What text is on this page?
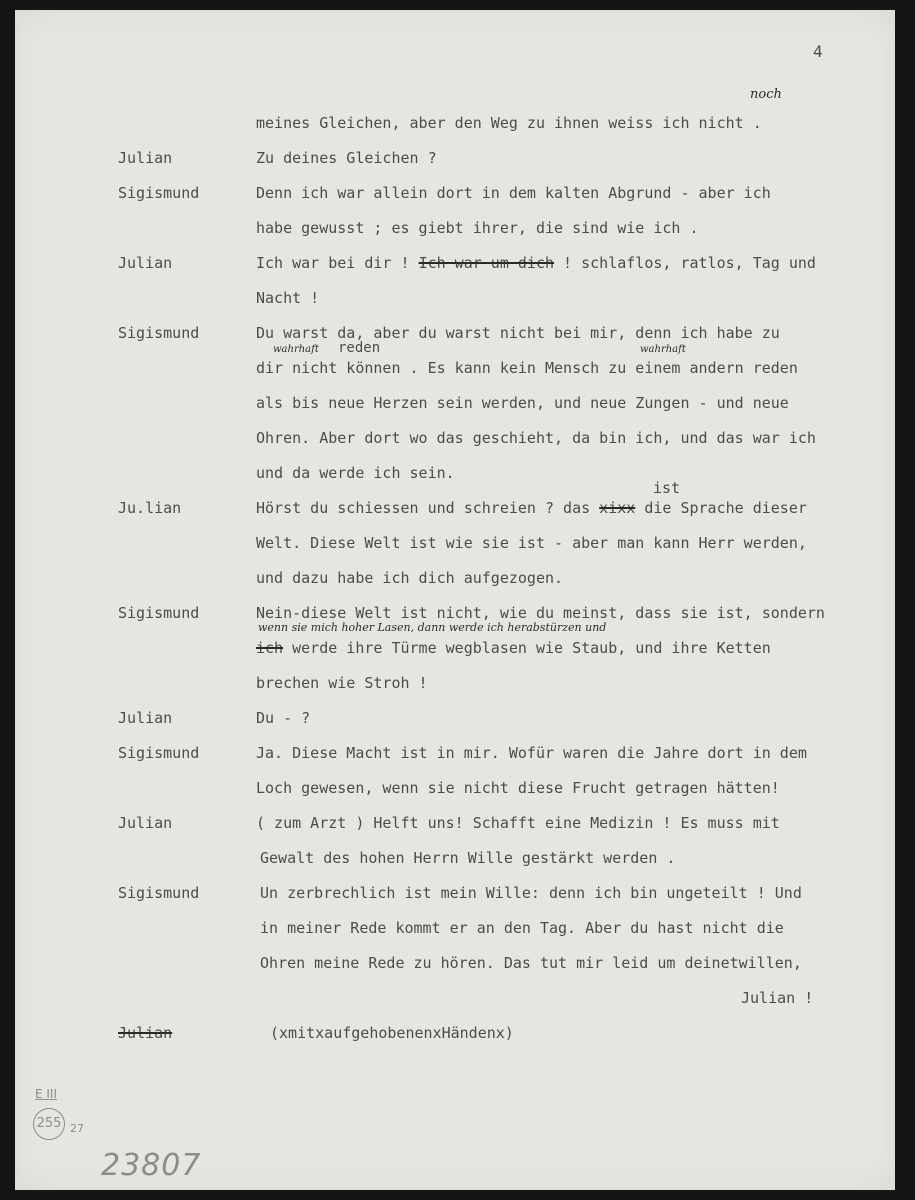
4

noch

meines Gleichen, aber den Weg zu ihnen weiss ich nicht .

Julian	Zu deines Gleichen ?

Sigismund	Denn ich war allein dort in dem kalten Abgrund - aber ich

habe gewusst ; es giebt ihrer, die sind wie ich .

Julian	Ich war bei dir ! Ich war um dich ! schlaflos, ratlos, Tag und

Nacht !

Sigismund	Du warst da, aber du warst nicht bei mir, denn ich habe zu

wahrhaft reden	wahrhaft

dir nicht können . Es kann kein Mensch zu einem andern reden

als bis neue Herzen sein werden, und neue Zungen - und neue

Ohren. Aber dort wo das geschieht, da bin ich, und das war ich

und da werde ich sein.

ist

Ju.lian	Hörst du schiessen und schreien ? das xixx die Sprache dieser

Welt. Diese Welt ist wie sie ist - aber man kann Herr werden,

und dazu habe ich dich aufgezogen.

Sigismund	Nein-diese Welt ist nicht, wie du meinst, dass sie ist, sondern

wenn sie mich hoher Lasen, dann werde ich herabstürzen und

ich werde ihre Türme wegblasen wie Staub, und ihre Ketten

brechen wie Stroh !

Julian	Du - ?

Sigismund	Ja. Diese Macht ist in mir. Wofür waren die Jahre dort in dem

Loch gewesen, wenn sie nicht diese Frucht getragen hätten!

Julian	( zum Arzt ) Helft uns! Schafft eine Medizin ! Es muss mit

Gewalt des hohen Herrn Wille gestärkt werden .

Sigismund	Un zerbrechlich ist mein Wille: denn ich bin ungeteilt ! Und

in meiner Rede kommt er an den Tag. Aber du hast nicht die

Ohren meine Rede zu hören. Das tut mir leid um deinetwillen,

Julian !

Julian	(xmitxaufgehobenenxHändenx)

E III
255 27
23807
